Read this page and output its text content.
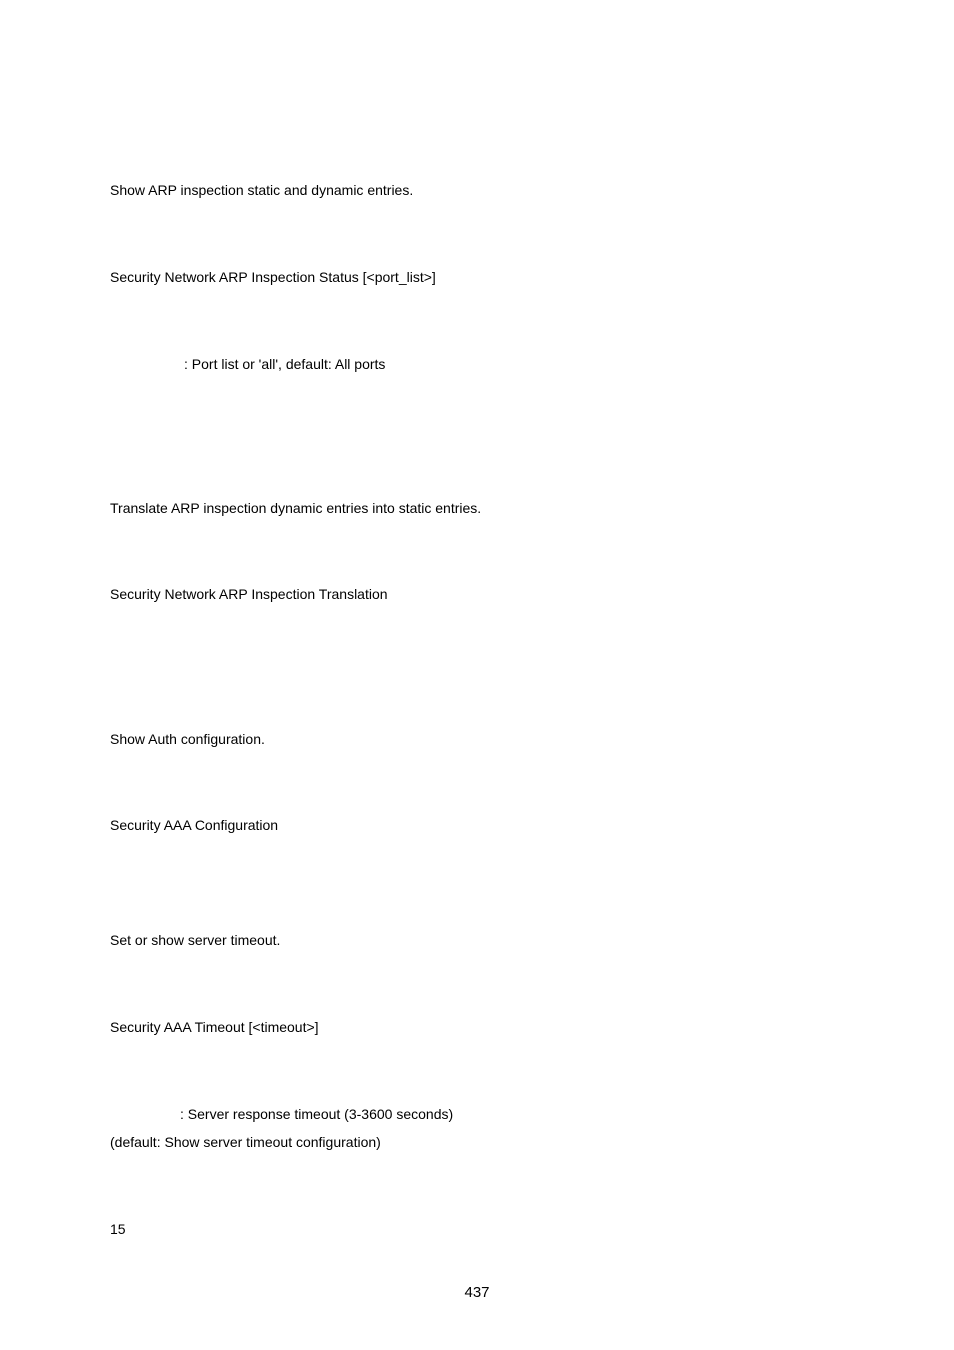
Show ARP inspection static and dynamic entries.
Security Network ARP Inspection Status [<port_list>]
: Port list or 'all', default: All ports
Translate ARP inspection dynamic entries into static entries.
Security Network ARP Inspection Translation
Show Auth configuration.
Security AAA Configuration
Set or show server timeout.
Security AAA Timeout [<timeout>]
: Server response timeout (3-3600 seconds)
(default: Show server timeout configuration)
15
437
